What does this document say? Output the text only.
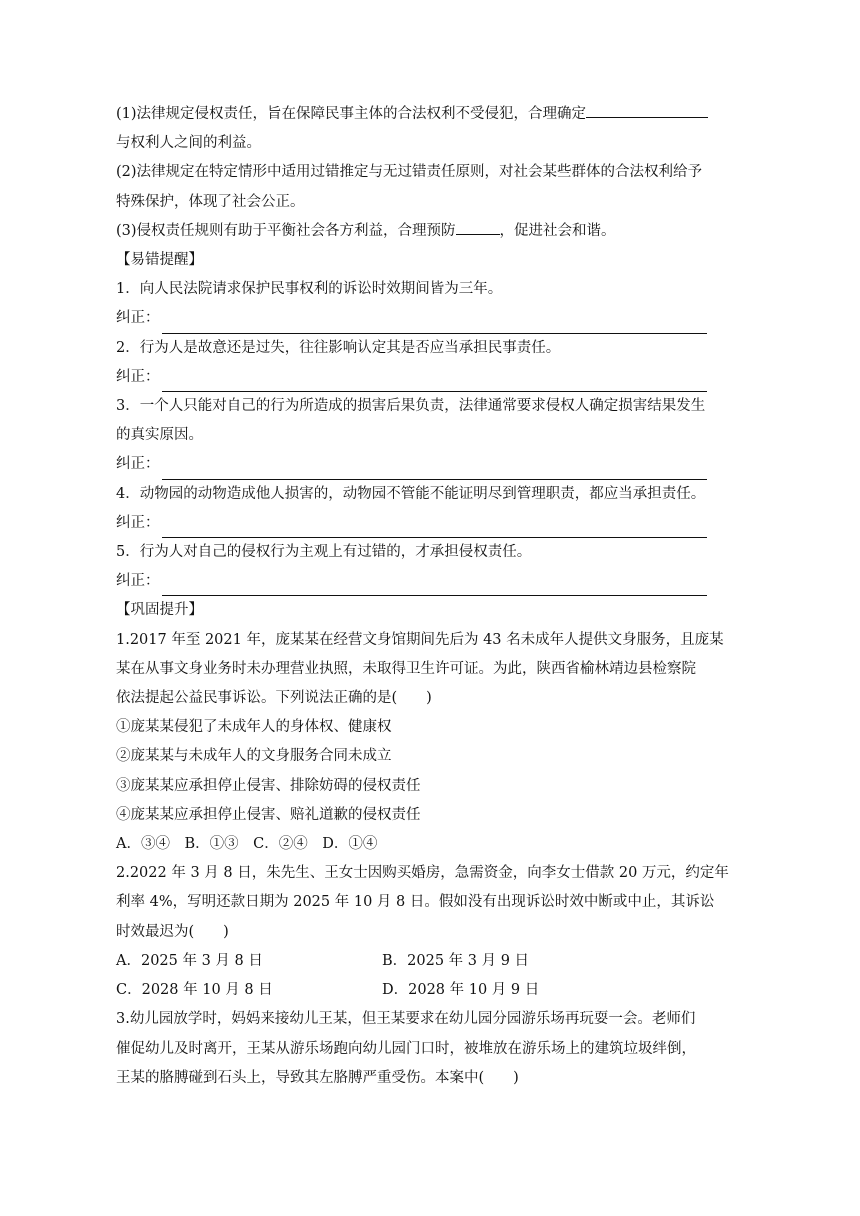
(1)法律规定侵权责任，旨在保障民事主体的合法权利不受侵犯，合理确定
与权利人之间的利益。
(2)法律规定在特定情形中适用过错推定与无过错责任原则，对社会某些群体的合法权利给予
特殊保护，体现了社会公正。
(3)侵权责任规则有助于平衡社会各方利益，合理预防	，促进社会和谐。
【易错提醒】
1．向人民法院请求保护民事权利的诉讼时效期间皆为三年。
纠正：
2．行为人是故意还是过失，往往影响认定其是否应当承担民事责任。
纠正：
3．一个人只能对自己的行为所造成的损害后果负责，法律通常要求侵权人确定损害结果发生
的真实原因。
纠正：
4．动物园的动物造成他人损害的，动物园不管能不能证明尽到管理职责，都应当承担责任。
纠正：
5．行为人对自己的侵权行为主观上有过错的，才承担侵权责任。
纠正：
【巩固提升】
1.2017 年至 2021 年，庞某某在经营文身馆期间先后为 43 名未成年人提供文身服务，且庞某
某在从事文身业务时未办理营业执照，未取得卫生许可证。为此，陕西省榆林靖边县检察院
依法提起公益民事诉讼。下列说法正确的是(　　)
①庞某某侵犯了未成年人的身体权、健康权
②庞某某与未成年人的文身服务合同未成立
③庞某某应承担停止侵害、排除妨碍的侵权责任
④庞某某应承担停止侵害、赔礼道歉的侵权责任
A．③④　B．①③　C．②④　D．①④
2.2022 年 3 月 8 日，朱先生、王女士因购买婚房，急需资金，向李女士借款 20 万元，约定年
利率 4%，写明还款日期为 2025 年 10 月 8 日。假如没有出现诉讼时效中断或中止，其诉讼
时效最迟为(　　)
A．2025 年 3 月 8 日	B．2025 年 3 月 9 日
C．2028 年 10 月 8 日	D．2028 年 10 月 9 日
3.幼儿园放学时，妈妈来接幼儿王某，但王某要求在幼儿园分园游乐场再玩耍一会。老师们
催促幼儿及时离开，王某从游乐场跑向幼儿园门口时，被堆放在游乐场上的建筑垃圾绊倒，
王某的胳膊碰到石头上，导致其左胳膊严重受伤。本案中(　　)
